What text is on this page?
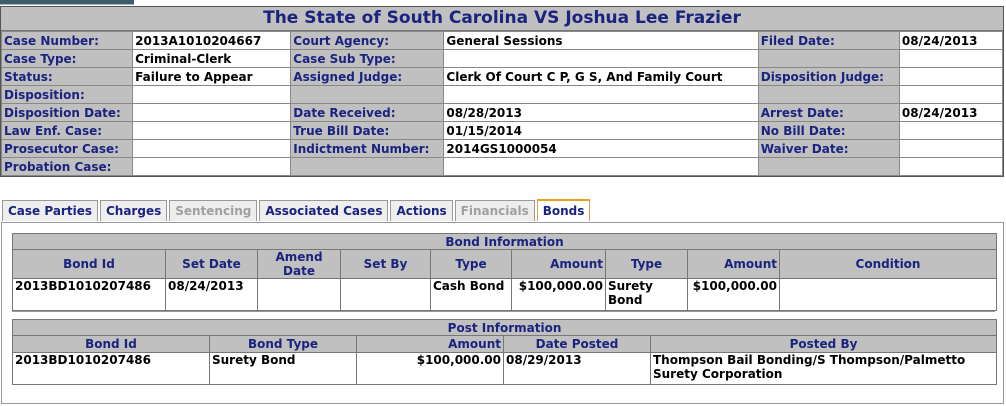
The State of South Carolina VS Joshua Lee Frazier
Case Number:	2013A1010204667	Court Agency:	General Sessions	Filed Date:	08/24/2013
Case Type:	Criminal-Clerk	Case Sub Type:			
Status:	Failure to Appear	Assigned Judge:	Clerk Of Court C P, G S, And Family Court	Disposition Judge:	
Disposition:					
Disposition Date:		Date Received:	08/28/2013	Arrest Date:	08/24/2013
Law Enf. Case:		True Bill Date:	01/15/2014	No Bill Date:	
Prosecutor Case:		Indictment Number:	2014GS1000054	Waiver Date:	
Probation Case:					
Case Parties	Charges	Sentencing	Associated Cases	Actions	Financials	Bonds
Bond Information								
Bond Id	Set Date	Amend Date	Set By	Type	Amount	Type	Amount	Condition
2013BD1010207486	08/24/2013			Cash Bond	$100,000.00	Surety Bond	$100,000.00	
Post Information				
Bond Id	Bond Type	Amount	Date Posted	Posted By
2013BD1010207486	Surety Bond	$100,000.00	08/29/2013	Thompson Bail Bonding/S Thompson/Palmetto Surety Corporation
